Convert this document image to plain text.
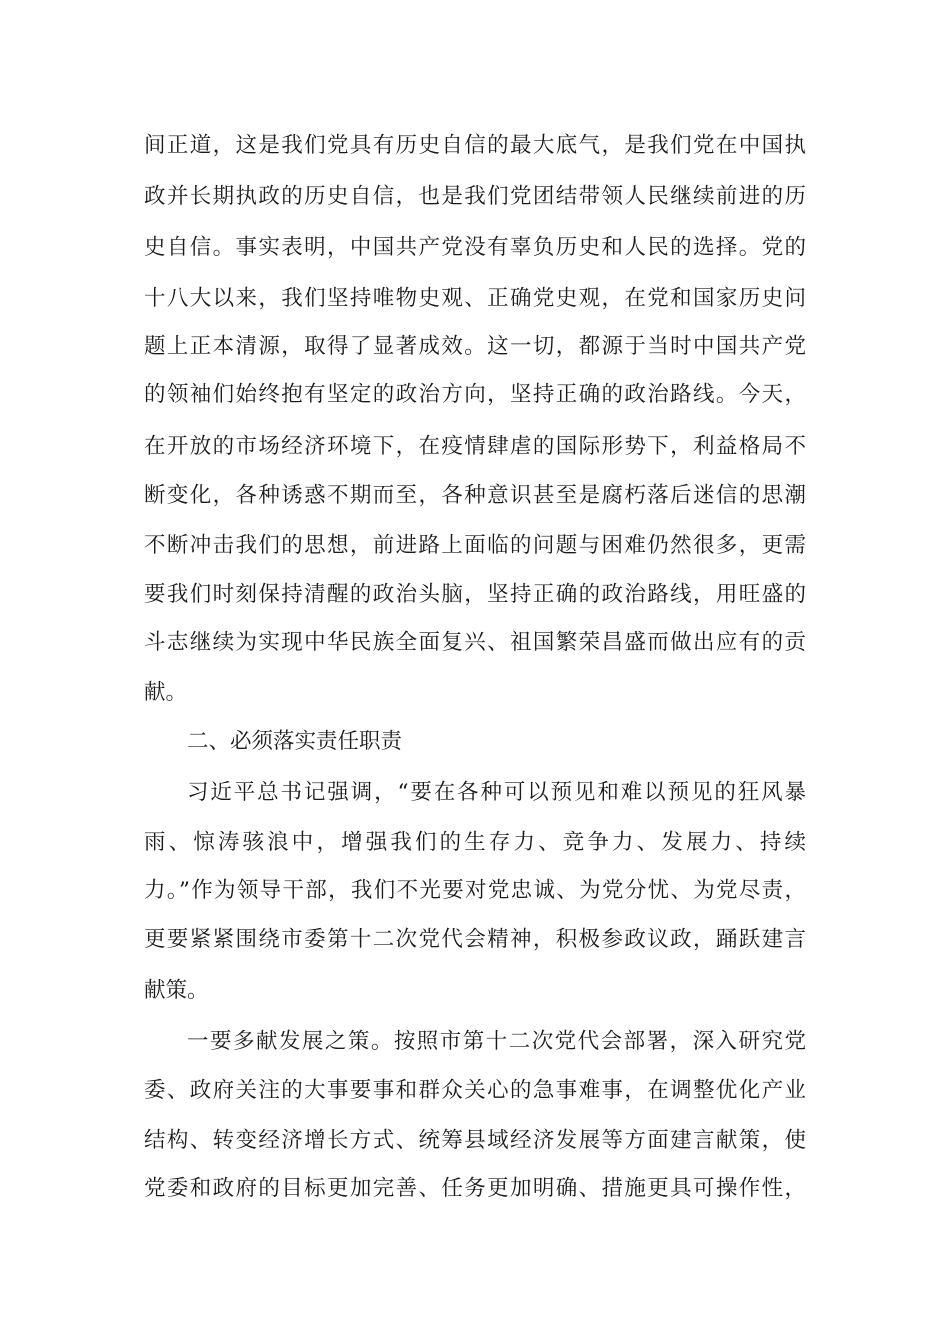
间正道，这是我们党具有历史自信的最大底气，是我们党在中国执
政并长期执政的历史自信，也是我们党团结带领人民继续前进的历
史自信。事实表明，中国共产党没有辜负历史和人民的选择。党的
十八大以来，我们坚持唯物史观、正确党史观，在党和国家历史问
题上正本清源，取得了显著成效。这一切，都源于当时中国共产党
的领袖们始终抱有坚定的政治方向，坚持正确的政治路线。今天，
在开放的市场经济环境下，在疫情肆虐的国际形势下，利益格局不
断变化，各种诱惑不期而至，各种意识甚至是腐朽落后迷信的思潮
不断冲击我们的思想，前进路上面临的问题与困难仍然很多，更需
要我们时刻保持清醒的政治头脑，坚持正确的政治路线，用旺盛的
斗志继续为实现中华民族全面复兴、祖国繁荣昌盛而做出应有的贡
献。
二、必须落实责任职责
习近平总书记强调，“要在各种可以预见和难以预见的狂风暴
雨、惊涛骇浪中，增强我们的生存力、竞争力、发展力、持续
力。”作为领导干部，我们不光要对党忠诚、为党分忧、为党尽责，
更要紧紧围绕市委第十二次党代会精神，积极参政议政，踊跃建言
献策。
一要多献发展之策。按照市第十二次党代会部署，深入研究党
委、政府关注的大事要事和群众关心的急事难事，在调整优化产业
结构、转变经济增长方式、统筹县域经济发展等方面建言献策，使
党委和政府的目标更加完善、任务更加明确、措施更具可操作性，
